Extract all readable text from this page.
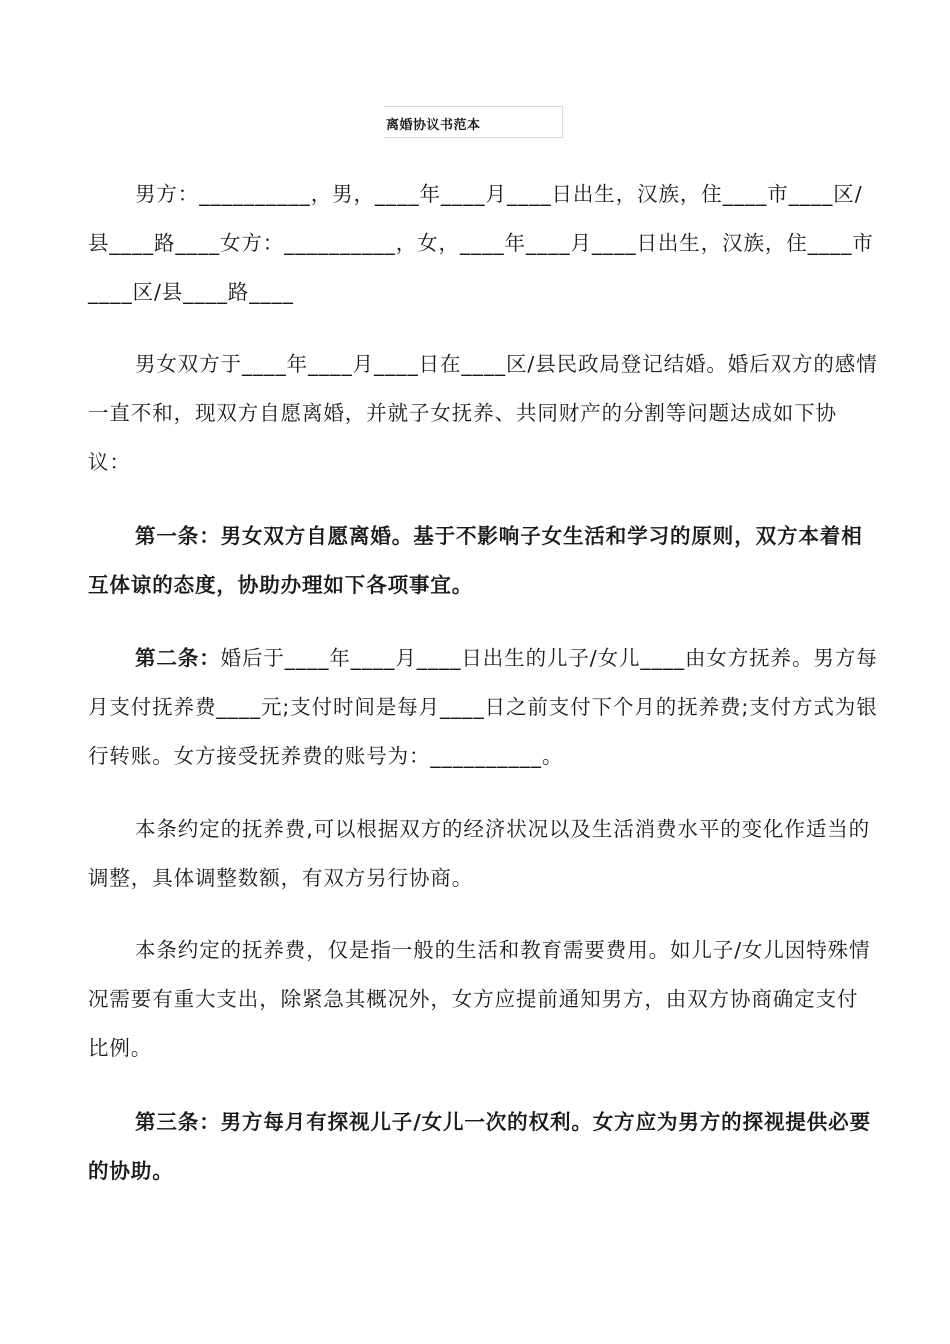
离婚协议书范本

男方：__________，男，____年____月____日出生，汉族，住____市____区/县____路____女方：__________，女，____年____月____日出生，汉族，住____市____区/县____路____

男女双方于____年____月____日在____区/县民政局登记结婚。婚后双方的感情一直不和，现双方自愿离婚，并就子女抚养、共同财产的分割等问题达成如下协议：

第一条：男女双方自愿离婚。基于不影响子女生活和学习的原则，双方本着相互体谅的态度，协助办理如下各项事宜。

第二条：婚后于____年____月____日出生的儿子/女儿____由女方抚养。男方每月支付抚养费____元;支付时间是每月____日之前支付下个月的抚养费;支付方式为银行转账。女方接受抚养费的账号为：__________。

本条约定的抚养费,可以根据双方的经济状况以及生活消费水平的变化作适当的调整，具体调整数额，有双方另行协商。

本条约定的抚养费，仅是指一般的生活和教育需要费用。如儿子/女儿因特殊情况需要有重大支出，除紧急其概况外，女方应提前通知男方，由双方协商确定支付比例。

第三条：男方每月有探视儿子/女儿一次的权利。女方应为男方的探视提供必要的协助。
